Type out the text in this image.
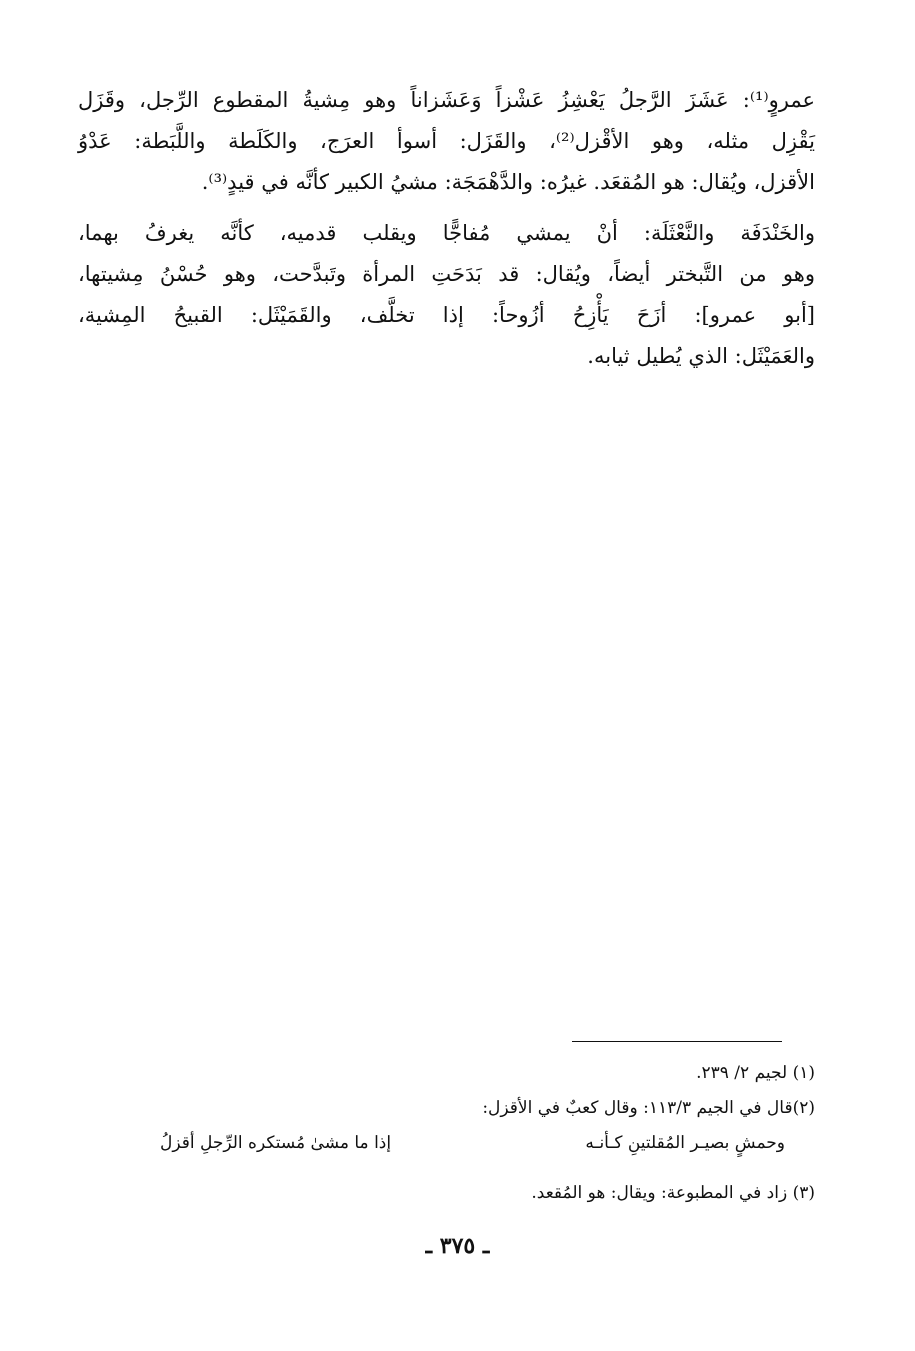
عمروٍ⁽¹⁾: عَشَزَ الرَّجلُ يَعْشِزُ عَشْزاً وَعَشَزاناً وهو مِشيةُ المقطوع الرِّجل، وقَزَل
يَقْزِل مثله، وهو الأقْزل⁽²⁾، والقَزَل: أسوأ العرَج، والكَلَطة واللَّبَطة: عَدْوُ
الأقزل، ويُقال: هو المُقعَد. غيرُه: والدَّهْمَجَة: مشيُ الكبير كأنَّه في قيدٍ⁽³⁾.

والخَنْدَفَة والنَّعْثَلَة: أنْ يمشي مُفاجًّا ويقلب قدميه، كأنَّه يغرفُ بهما،
وهو من التَّبختر أيضاً، ويُقال: قد بَدَحَتِ المرأة وتَبدَّحت، وهو حُسْنُ مِشيتها،
[أبو عمرو]: أزَحَ يَأْزِحُ أزُوحاً: إذا تخلَّف، والقَمَيْثَل: القبيحُ المِشية،
والعَمَيْثَل: الذي يُطيل ثيابه.

(١) لجيم ٢/ ٢٣٩.
(٢)قال في الجيم ١١٣/٣: وقال كعبٌ في الأقزل:
وحمشٍ بصيـر المُقلتينِ كـأنـه
إذا ما مشىٰ مُستكره الرِّجلِ أقزلُ
(٣) زاد في المطبوعة: ويقال: هو المُقعد.
ـ ٣٧٥ ـ
